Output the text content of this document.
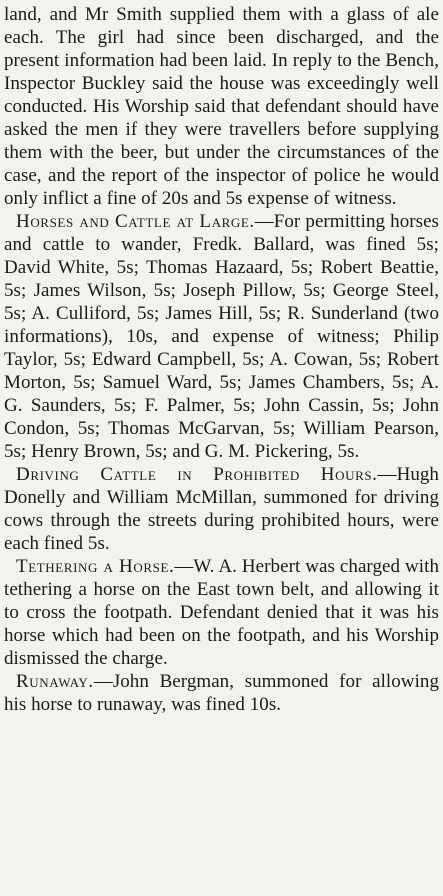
land, and Mr Smith supplied them with a glass of ale each. The girl had since been discharged, and the present information had been laid. In reply to the Bench, Inspector Buckley said the house was exceedingly well conducted. His Worship said that defendant should have asked the men if they were travellers before supplying them with the beer, but under the circumstances of the case, and the report of the inspector of police he would only inflict a fine of 20s and 5s expense of witness.

Horses and Cattle at Large.—For permitting horses and cattle to wander, Fredk. Ballard, was fined 5s; David White, 5s; Thomas Hazaard, 5s; Robert Beattie, 5s; James Wilson, 5s; Joseph Pillow, 5s; George Steel, 5s; A. Culliford, 5s; James Hill, 5s; R. Sunderland (two informations), 10s, and expense of witness; Philip Taylor, 5s; Edward Campbell, 5s; A. Cowan, 5s; Robert Morton, 5s; Samuel Ward, 5s; James Chambers, 5s; A. G. Saunders, 5s; F. Palmer, 5s; John Cassin, 5s; John Condon, 5s; Thomas McGarvan, 5s; William Pearson, 5s; Henry Brown, 5s; and G. M. Pickering, 5s.

Driving Cattle in Prohibited Hours.—Hugh Donelly and William McMillan, summoned for driving cows through the streets during prohibited hours, were each fined 5s.

Tethering a Horse.—W. A. Herbert was charged with tethering a horse on the East town belt, and allowing it to cross the footpath. Defendant denied that it was his horse which had been on the footpath, and his Worship dismissed the charge.

Runaway.—John Bergman, summoned for allowing his horse to runaway, was fined 10s.
